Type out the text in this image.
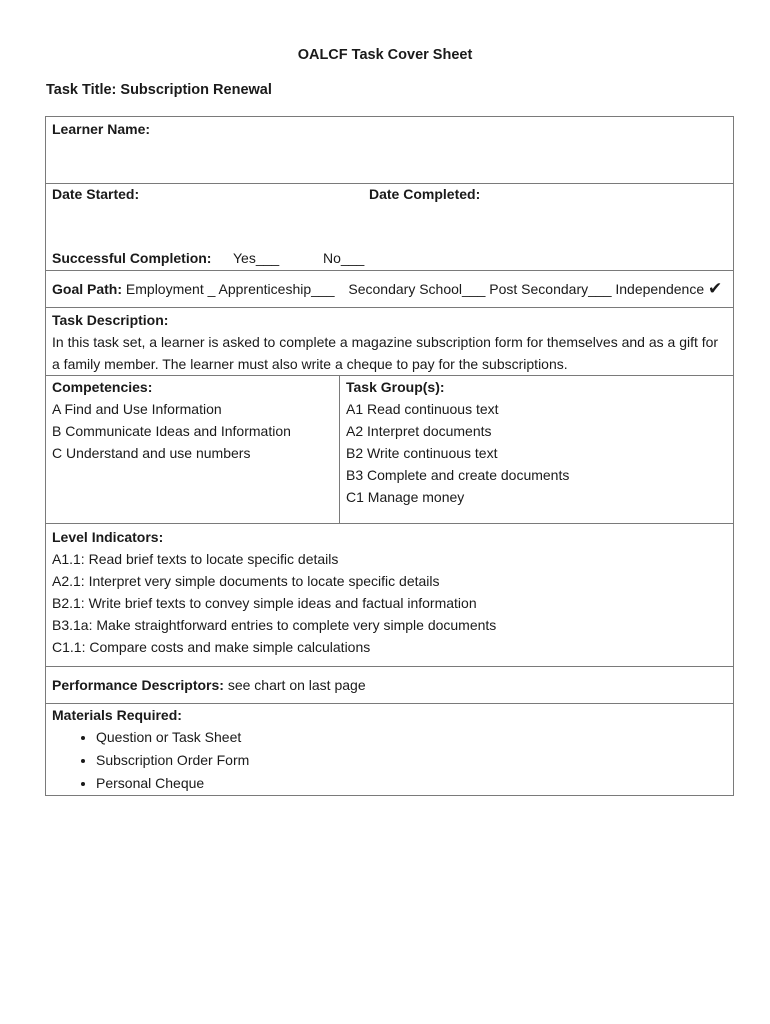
OALCF Task Cover Sheet
Task Title: Subscription Renewal
Learner Name:

Date Started:	Date Completed:
Successful Completion: Yes___	No___

Goal Path: Employment _ Apprenticeship___ Secondary School___ Post Secondary___ Independence ✔

Task Description:
In this task set, a learner is asked to complete a magazine subscription form for themselves and as a gift for a family member. The learner must also write a cheque to pay for the subscriptions.

Competencies:
A Find and Use Information
B Communicate Ideas and Information
C Understand and use numbers

Task Group(s):
A1 Read continuous text
A2 Interpret documents
B2 Write continuous text
B3 Complete and create documents
C1 Manage money

Level Indicators:
A1.1: Read brief texts to locate specific details
A2.1: Interpret very simple documents to locate specific details
B2.1: Write brief texts to convey simple ideas and factual information
B3.1a: Make straightforward entries to complete very simple documents
C1.1: Compare costs and make simple calculations

Performance Descriptors: see chart on last page

Materials Required:
• Question or Task Sheet
• Subscription Order Form
• Personal Cheque
